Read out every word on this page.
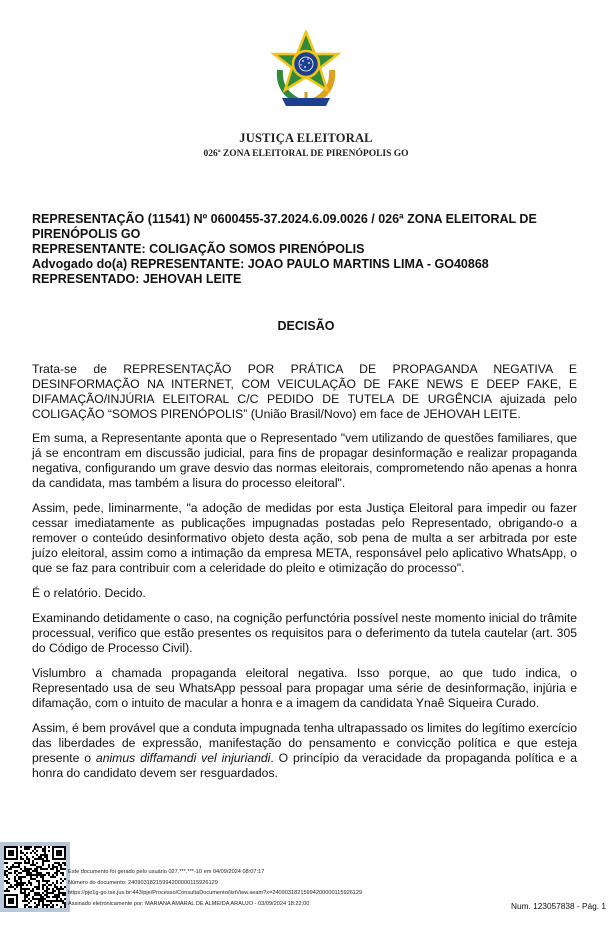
JUSTIÇA ELEITORAL
026ª ZONA ELEITORAL DE PIRENÓPOLIS GO
REPRESENTAÇÃO (11541) Nº 0600455-37.2024.6.09.0026 / 026ª ZONA ELEITORAL DE PIRENÓPOLIS GO
REPRESENTANTE: COLIGAÇÃO SOMOS PIRENÓPOLIS
Advogado do(a) REPRESENTANTE: JOAO PAULO MARTINS LIMA - GO40868
REPRESENTADO: JEHOVAH LEITE
DECISÃO

Trata-se de REPRESENTAÇÃO POR PRÁTICA DE PROPAGANDA NEGATIVA E DESINFORMAÇÃO NA INTERNET, COM VEICULAÇÃO DE FAKE NEWS E DEEP FAKE, E DIFAMAÇÃO/INJÚRIA ELEITORAL C/C PEDIDO DE TUTELA DE URGÊNCIA ajuizada pelo COLIGAÇÃO “SOMOS PIRENÓPOLIS” (União Brasil/Novo) em face de JEHOVAH LEITE.

Em suma, a Representante aponta que o Representado "vem utilizando de questões familiares, que já se encontram em discussão judicial, para fins de propagar desinformação e realizar propaganda negativa, configurando um grave desvio das normas eleitorais, comprometendo não apenas a honra da candidata, mas também a lisura do processo eleitoral".

Assim, pede, liminarmente, "a adoção de medidas por esta Justiça Eleitoral para impedir ou fazer cessar imediatamente as publicações impugnadas postadas pelo Representado, obrigando-o a remover o conteúdo desinformativo objeto desta ação, sob pena de multa a ser arbitrada por este juízo eleitoral, assim como a intimação da empresa META, responsável pelo aplicativo WhatsApp, o que se faz para contribuir com a celeridade do pleito e otimização do processo".

É o relatório. Decido.

Examinando detidamente o caso, na cognição perfunctória possível neste momento inicial do trâmite processual, verifico que estão presentes os requisitos para o deferimento da tutela cautelar (art. 305 do Código de Processo Civil).

Vislumbro a chamada propaganda eleitoral negativa. Isso porque, ao que tudo indica, o Representado usa de seu WhatsApp pessoal para propagar uma série de desinformação, injúria e difamação, com o intuito de macular a honra e a imagem da candidata Ynaê Siqueira Curado.

Assim, é bem provável que a conduta impugnada tenha ultrapassado os limites do legítimo exercício das liberdades de expressão, manifestação do pensamento e convicção política e que esteja presente o animus diffamandi vel injuriandi. O princípio da veracidade da propaganda política e a honra do candidato devem ser resguardados.

Este documento foi gerado pelo usuário 027.***.***-10 em 04/09/2024 08:07:17
Número do documento: 24090318215994200000115926129
https://pje1g-go.tse.jus.br:443/pje/Processo/ConsultaDocumento/listView.seam?x=24090318215994200000115926129
Assinado eletronicamente por: MARIANA AMARAL DE ALMEIDA ARAUJO - 03/09/2024 18:22:00	Num. 123057838 - Pág. 1
